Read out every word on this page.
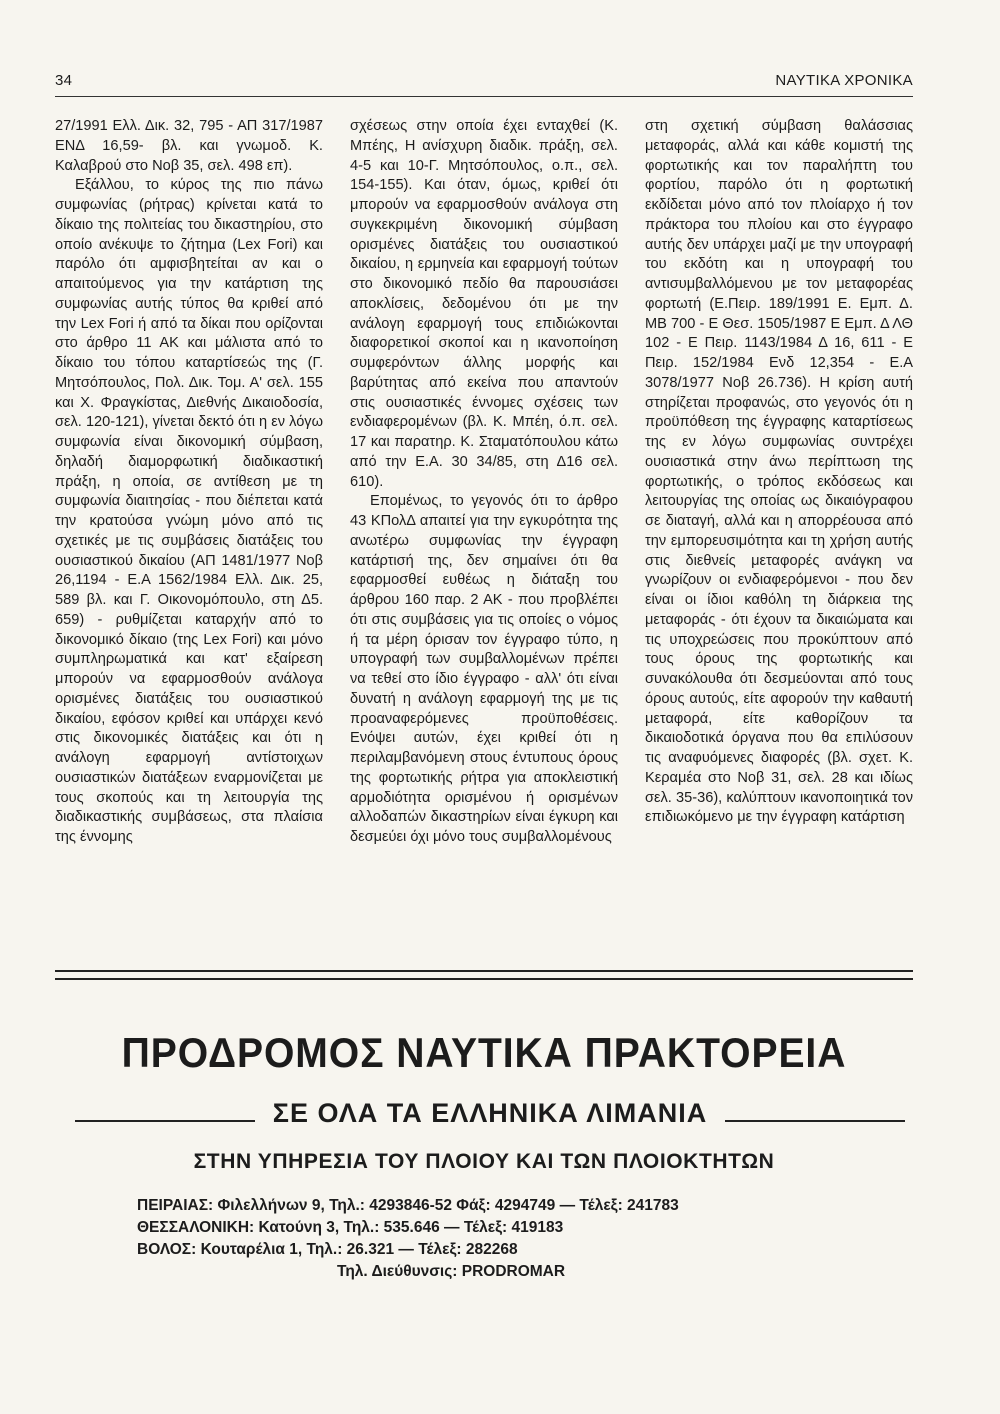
34	ΝΑΥΤΙΚΑ ΧΡΟΝΙΚΑ

27/1991 Ελλ. Δικ. 32, 795 - ΑΠ 317/1987 ΕΝΔ 16,59- βλ. και γνωμοδ. Κ. Καλαβρού στο Νοβ 35, σελ. 498 επ).

Εξάλλου, το κύρος της πιο πάνω συμφωνίας (ρήτρας) κρίνεται κατά το δίκαιο της πολιτείας του δικαστηρίου, στο οποίο ανέκυψε το ζήτημα (Lex Fori) και παρόλο ότι αμφισβητείται αν και ο απαιτούμενος για την κατάρτιση της συμφωνίας αυτής τύπος θα κριθεί από την Lex Fori ή από τα δίκαι που ορίζονται στο άρθρο 11 ΑΚ και μάλιστα από το δίκαιο του τόπου καταρτίσεώς της (Γ. Μητσόπουλος, Πολ. Δικ. Τομ. Α' σελ. 155 και Χ. Φραγκίστας, Διεθνής Δικαιοδοσία, σελ. 120-121), γίνεται δεκτό ότι η εν λόγω συμφωνία είναι δικονομική σύμβαση, δηλαδή διαμορφωτική διαδικαστική πράξη, η οποία, σε αντίθεση με τη συμφωνία διαιτησίας - που διέπεται κατά την κρατούσα γνώμη μόνο από τις σχετικές με τις συμβάσεις διατάξεις του ουσιαστικού δικαίου (ΑΠ 1481/1977 Νοβ 26,1194 - Ε.Α 1562/1984 Ελλ. Δικ. 25, 589 βλ. και Γ. Οικονομόπουλο, στη Δ5. 659) - ρυθμίζεται καταρχήν από το δικονομικό δίκαιο (της Lex Fori) και μόνο συμπληρωματικά και κατ' εξαίρεση μπορούν να εφαρμοσθούν ανάλογα ορισμένες διατάξεις του ουσιαστικού δικαίου, εφόσον κριθεί και υπάρχει κενό στις δικονομικές διατάξεις και ότι η ανάλογη εφαρμογή αντίστοιχων ουσιαστικών διατάξεων εναρμονίζεται με τους σκοπούς και τη λειτουργία της διαδικαστικής συμβάσεως, στα πλαίσια της έννομης

σχέσεως στην οποία έχει ενταχθεί (Κ. Μπέης, Η ανίσχυρη διαδικ. πράξη, σελ. 4-5 και 10-Γ. Μητσόπουλος, ο.π., σελ. 154-155). Και όταν, όμως, κριθεί ότι μπορούν να εφαρμοσθούν ανάλογα στη συγκεκριμένη δικονομική σύμβαση ορισμένες διατάξεις του ουσιαστικού δικαίου, η ερμηνεία και εφαρμογή τούτων στο δικονομικό πεδίο θα παρουσιάσει αποκλίσεις, δεδομένου ότι με την ανάλογη εφαρμογή τους επιδιώκονται διαφορετικοί σκοποί και η ικανοποίηση συμφερόντων άλλης μορφής και βαρύτητας από εκείνα που απαντούν στις ουσιαστικές έννομες σχέσεις των ενδιαφερομένων (βλ. Κ. Μπέη, ό.π. σελ. 17 και παρατηρ. Κ. Σταματόπουλου κάτω από την Ε.Α. 30 34/85, στη Δ16 σελ. 610).

Επομένως, το γεγονός ότι το άρθρο 43 ΚΠολΔ απαιτεί για την εγκυρότητα της ανωτέρω συμφωνίας την έγγραφη κατάρτισή της, δεν σημαίνει ότι θα εφαρμοσθεί ευθέως η διάταξη του άρθρου 160 παρ. 2 ΑΚ - που προβλέπει ότι στις συμβάσεις για τις οποίες ο νόμος ή τα μέρη όρισαν τον έγγραφο τύπο, η υπογραφή των συμβαλλομένων πρέπει να τεθεί στο ίδιο έγγραφο - αλλ' ότι είναι δυνατή η ανάλογη εφαρμογή της με τις προαναφερόμενες προϋποθέσεις. Ενόψει αυτών, έχει κριθεί ότι η περιλαμβανόμενη στους έντυπους όρους της φορτωτικής ρήτρα για αποκλειστική αρμοδιότητα ορισμένου ή ορισμένων αλλοδαπών δικαστηρίων είναι έγκυρη και δεσμεύει όχι μόνο τους συμβαλλομένους

στη σχετική σύμβαση θαλάσσιας μεταφοράς, αλλά και κάθε κομιστή της φορτωτικής και τον παραλήπτη του φορτίου, παρόλο ότι η φορτωτική εκδίδεται μόνο από τον πλοίαρχο ή τον πράκτορα του πλοίου και στο έγγραφο αυτής δεν υπάρχει μαζί με την υπογραφή του εκδότη και η υπογραφή του αντισυμβαλλόμενου με τον μεταφορέας φορτωτή (Ε.Πειρ. 189/1991 Ε. Εμπ. Δ. ΜΒ 700 - Ε Θεσ. 1505/1987 Ε Εμπ. Δ ΛΘ 102 - Ε Πειρ. 1143/1984 Δ 16, 611 - Ε Πειρ. 152/1984 Ενδ 12,354 - Ε.Α 3078/1977 Νοβ 26.736). Η κρίση αυτή στηρίζεται προφανώς, στο γεγονός ότι η προϋπόθεση της έγγραφης καταρτίσεως της εν λόγω συμφωνίας συντρέχει ουσιαστικά στην άνω περίπτωση της φορτωτικής, ο τρόπος εκδόσεως και λειτουργίας της οποίας ως δικαιόγραφου σε διαταγή, αλλά και η απορρέουσα από την εμπορευσιμότητα και τη χρήση αυτής στις διεθνείς μεταφορές ανάγκη να γνωρίζουν οι ενδιαφερόμενοι - που δεν είναι οι ίδιοι καθόλη τη διάρκεια της μεταφοράς - ότι έχουν τα δικαιώματα και τις υποχρεώσεις που προκύπτουν από τους όρους της φορτωτικής και συνακόλουθα ότι δεσμεύονται από τους όρους αυτούς, είτε αφορούν την καθαυτή μεταφορά, είτε καθορίζουν τα δικαιοδοτικά όργανα που θα επιλύσουν τις αναφυόμενες διαφορές (βλ. σχετ. Κ. Κεραμέα στο Νοβ 31, σελ. 28 και ιδίως σελ. 35-36), καλύπτουν ικανοποιητικά τον επιδιωκόμενο με την έγγραφη κατάρτιση

ΠΡΟΔΡΟΜΟΣ ΝΑΥΤΙΚΑ ΠΡΑΚΤΟΡΕΙΑ
ΣΕ ΟΛΑ ΤΑ ΕΛΛΗΝΙΚΑ ΛΙΜΑΝΙΑ
ΣΤΗΝ ΥΠΗΡΕΣΙΑ ΤΟΥ ΠΛΟΙΟΥ ΚΑΙ ΤΩΝ ΠΛΟΙΟΚΤΗΤΩΝ
ΠΕΙΡΑΙΑΣ: Φιλελλήνων 9, Τηλ.: 4293846-52 Φάξ: 4294749 — Τέλεξ: 241783
ΘΕΣΣΑΛΟΝΙΚΗ: Κατούνη 3, Τηλ.: 535.646 — Τέλεξ: 419183
ΒΟΛΟΣ: Κουταρέλια 1, Τηλ.: 26.321 — Τέλεξ: 282268
Τηλ. Διεύθυνσις: PRODROMAR
